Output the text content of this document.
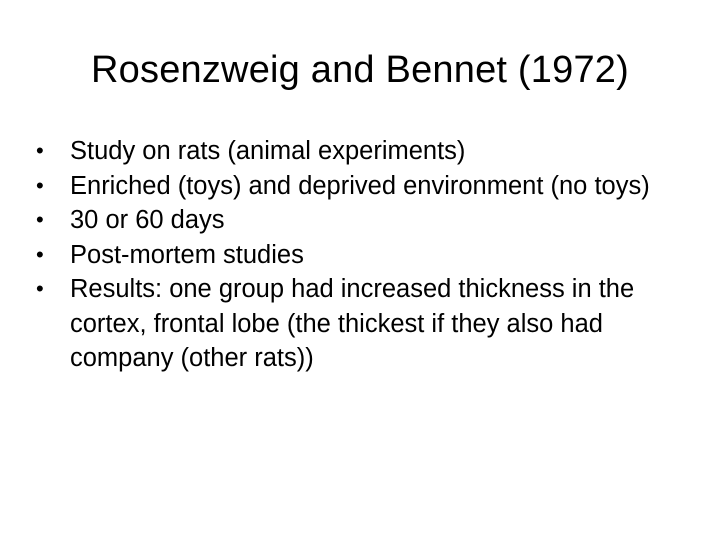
Rosenzweig and Bennet (1972)
•	Study on rats (animal experiments)
•	Enriched (toys) and deprived environment (no toys)
•	30 or 60 days
•	Post-mortem studies
•	Results: one group had increased thickness in the cortex, frontal lobe (the thickest if they also had company (other rats))
